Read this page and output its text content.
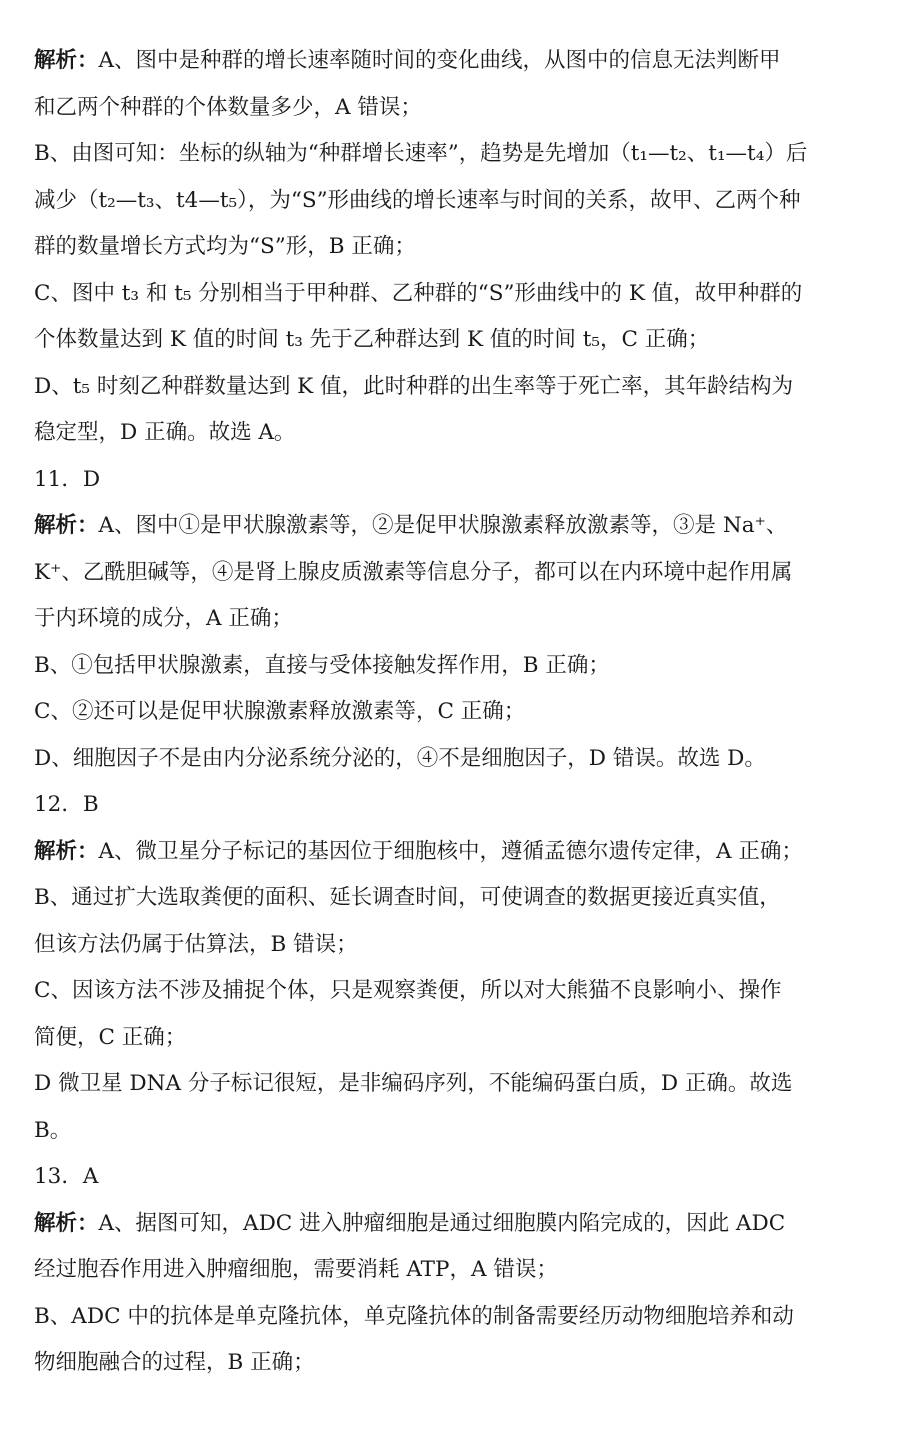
解析：A、图中是种群的增长速率随时间的变化曲线，从图中的信息无法判断甲
和乙两个种群的个体数量多少，A 错误；
B、由图可知：坐标的纵轴为“种群增长速率”，趋势是先增加（t₁—t₂、t₁—t₄）后
减少（t₂—t₃、t4—t₅），为“S”形曲线的增长速率与时间的关系，故甲、乙两个种
群的数量增长方式均为“S”形，B 正确；
C、图中 t₃ 和 t₅ 分别相当于甲种群、乙种群的“S”形曲线中的 K 值，故甲种群的
个体数量达到 K 值的时间 t₃ 先于乙种群达到 K 值的时间 t₅，C 正确；
D、t₅ 时刻乙种群数量达到 K 值，此时种群的出生率等于死亡率，其年龄结构为
稳定型，D 正确。故选 A。
11．D
解析：A、图中①是甲状腺激素等，②是促甲状腺激素释放激素等，③是 Na⁺、
K⁺、乙酰胆碱等，④是肾上腺皮质激素等信息分子，都可以在内环境中起作用属
于内环境的成分，A 正确；
B、①包括甲状腺激素，直接与受体接触发挥作用，B 正确；
C、②还可以是促甲状腺激素释放激素等，C 正确；
D、细胞因子不是由内分泌系统分泌的，④不是细胞因子，D 错误。故选 D。
12．B
解析：A、微卫星分子标记的基因位于细胞核中，遵循孟德尔遗传定律，A 正确；
B、通过扩大选取粪便的面积、延长调查时间，可使调查的数据更接近真实值，
但该方法仍属于估算法，B 错误；
C、因该方法不涉及捕捉个体，只是观察粪便，所以对大熊猫不良影响小、操作
简便，C 正确；
D 微卫星 DNA 分子标记很短，是非编码序列，不能编码蛋白质，D 正确。故选
B。
13．A
解析：A、据图可知，ADC 进入肿瘤细胞是通过细胞膜内陷完成的，因此 ADC
经过胞吞作用进入肿瘤细胞，需要消耗 ATP，A 错误；
B、ADC 中的抗体是单克隆抗体，单克隆抗体的制备需要经历动物细胞培养和动
物细胞融合的过程，B 正确；
